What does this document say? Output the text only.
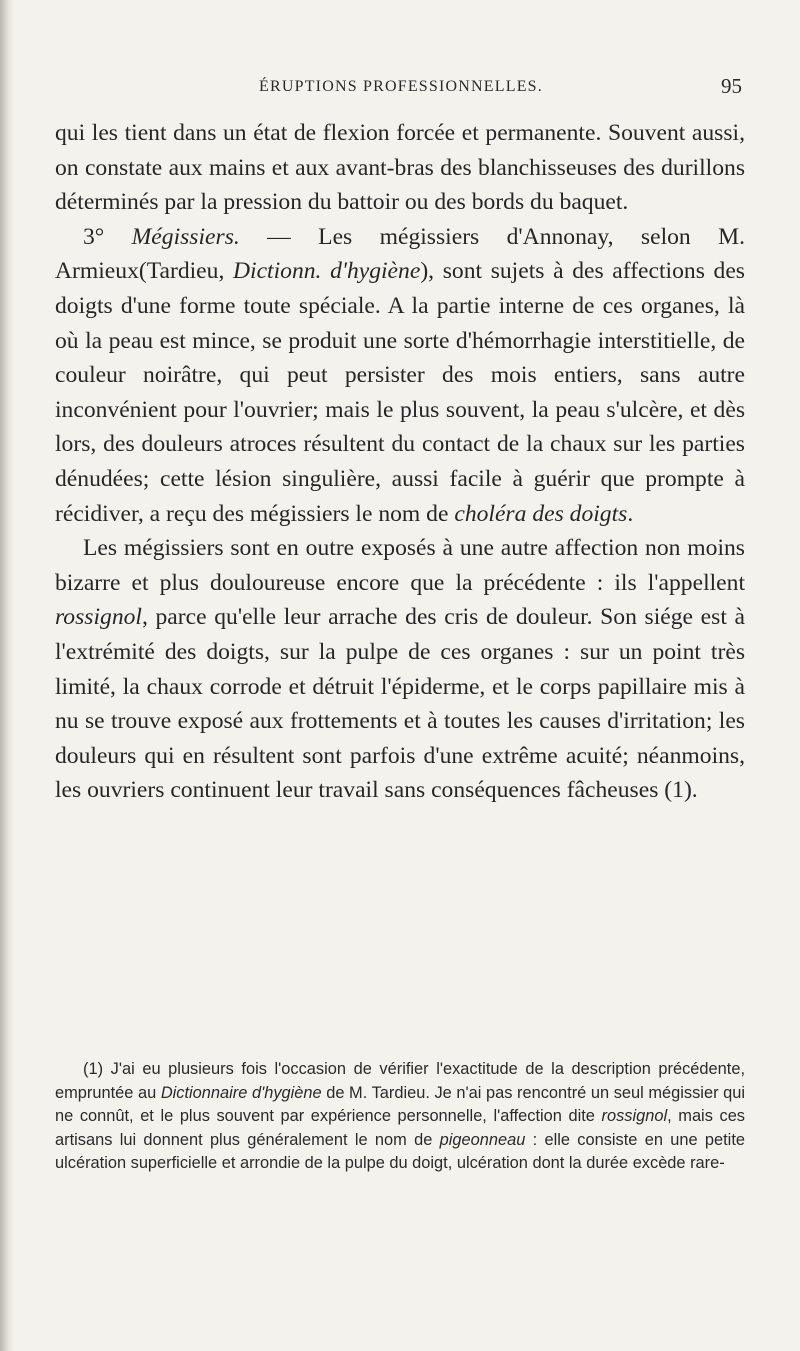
ÉRUPTIONS PROFESSIONNELLES.	95

qui les tient dans un état de flexion forcée et permanente. Souvent aussi, on constate aux mains et aux avant-bras des blanchisseuses des durillons déterminés par la pression du battoir ou des bords du baquet.

3° Mégissiers. — Les mégissiers d'Annonay, selon M. Armieux(Tardieu, Dictionn. d'hygiène), sont sujets à des affections des doigts d'une forme toute spéciale. A la partie interne de ces organes, là où la peau est mince, se produit une sorte d'hémorrhagie interstitielle, de couleur noirâtre, qui peut persister des mois entiers, sans autre inconvénient pour l'ouvrier; mais le plus souvent, la peau s'ulcère, et dès lors, des douleurs atroces résultent du contact de la chaux sur les parties dénudées; cette lésion singulière, aussi facile à guérir que prompte à récidiver, a reçu des mégissiers le nom de choléra des doigts.

Les mégissiers sont en outre exposés à une autre affection non moins bizarre et plus douloureuse encore que la précédente : ils l'appellent rossignol, parce qu'elle leur arrache des cris de douleur. Son siége est à l'extrémité des doigts, sur la pulpe de ces organes : sur un point très limité, la chaux corrode et détruit l'épiderme, et le corps papillaire mis à nu se trouve exposé aux frottements et à toutes les causes d'irritation; les douleurs qui en résultent sont parfois d'une extrême acuité; néanmoins, les ouvriers continuent leur travail sans conséquences fâcheuses (1).

(1) J'ai eu plusieurs fois l'occasion de vérifier l'exactitude de la description précédente, empruntée au Dictionnaire d'hygiène de M. Tardieu. Je n'ai pas rencontré un seul mégissier qui ne connût, et le plus souvent par expérience personnelle, l'affection dite rossignol, mais ces artisans lui donnent plus généralement le nom de pigeonneau : elle consiste en une petite ulcération superficielle et arrondie de la pulpe du doigt, ulcération dont la durée excède rare-
